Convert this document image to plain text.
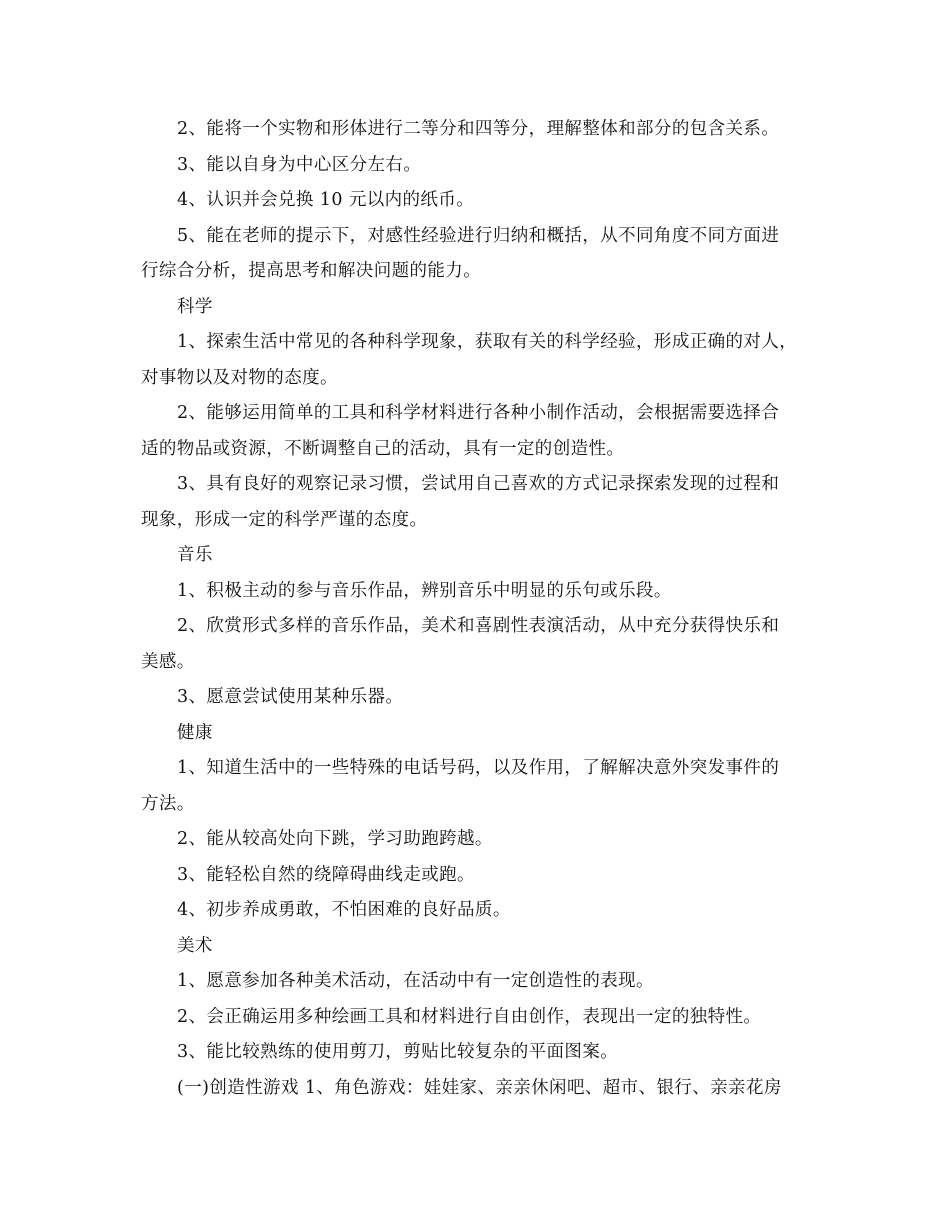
2、能将一个实物和形体进行二等分和四等分，理解整体和部分的包含关系。
3、能以自身为中心区分左右。
4、认识并会兑换 10 元以内的纸币。
5、能在老师的提示下，对感性经验进行归纳和概括，从不同角度不同方面进
行综合分析，提高思考和解决问题的能力。
科学
1、探索生活中常见的各种科学现象，获取有关的科学经验，形成正确的对人，
对事物以及对物的态度。
2、能够运用简单的工具和科学材料进行各种小制作活动，会根据需要选择合
适的物品或资源，不断调整自己的活动，具有一定的创造性。
3、具有良好的观察记录习惯，尝试用自己喜欢的方式记录探索发现的过程和
现象，形成一定的科学严谨的态度。
音乐
1、积极主动的参与音乐作品，辨别音乐中明显的乐句或乐段。
2、欣赏形式多样的音乐作品，美术和喜剧性表演活动，从中充分获得快乐和
美感。
3、愿意尝试使用某种乐器。
健康
1、知道生活中的一些特殊的电话号码，以及作用，了解解决意外突发事件的
方法。
2、能从较高处向下跳，学习助跑跨越。
3、能轻松自然的绕障碍曲线走或跑。
4、初步养成勇敢，不怕困难的良好品质。
美术
1、愿意参加各种美术活动，在活动中有一定创造性的表现。
2、会正确运用多种绘画工具和材料进行自由创作，表现出一定的独特性。
3、能比较熟练的使用剪刀，剪贴比较复杂的平面图案。
(一)创造性游戏 1、角色游戏：娃娃家、亲亲休闲吧、超市、银行、亲亲花房
